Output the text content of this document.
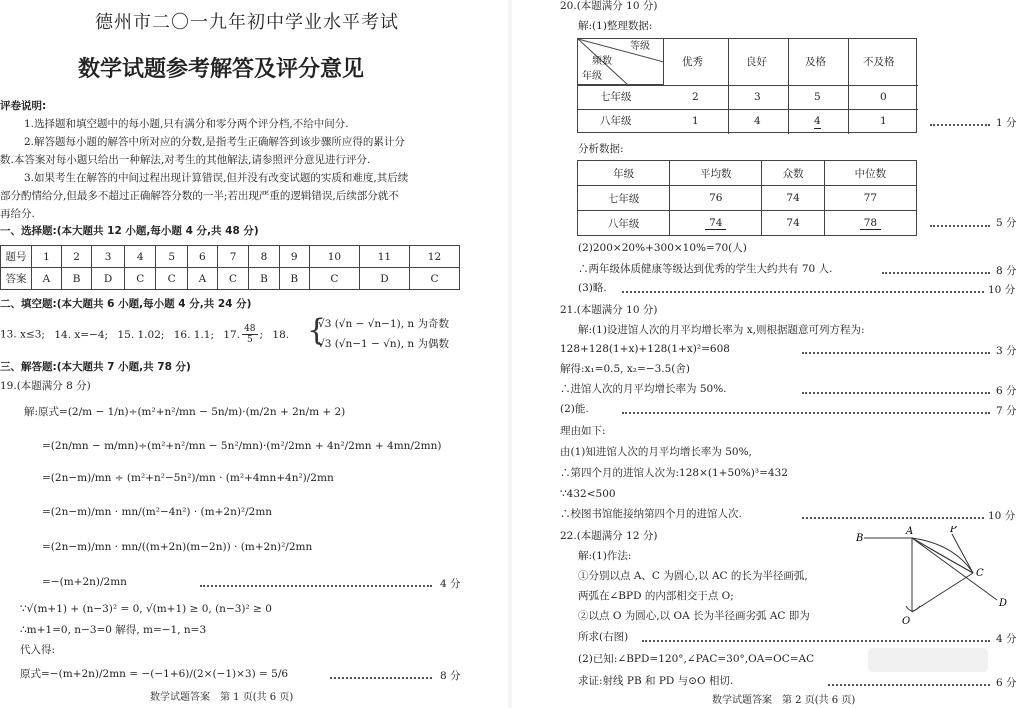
德州市二〇一九年初中学业水平考试
数学试题参考解答及评分意见
评卷说明:
1.选择题和填空题中的每小题,只有满分和零分两个评分档,不给中间分.
2.解答题每小题的解答中所对应的分数,是指考生正确解答到该步骤所应得的累计分
数.本答案对每小题只给出一种解法,对考生的其他解法,请参照评分意见进行评分.
3.如果考生在解答的中间过程出现计算错误,但并没有改变试题的实质和难度,其后续
部分酌情给分,但最多不超过正确解答分数的一半;若出现严重的逻辑错误,后续部分就不
再给分.
一、选择题:(本大题共 12 小题,每小题 4 分,共 48 分)
题号	1	2	3	4	5	6	7	8	9	10	11	12
答案	A	B	D	C	C	A	C	B	B	C	D	C
二、填空题:(本大题共 6 小题,每小题 4 分,共 24 分)
13. x≤3; 14. x=−4; 15. 1.02; 16. 1.1; 17. $\frac{48}{5}$ ; 18. {
√3 (√n − √n−1), n 为奇数
√3 (√n−1 − √n), n 为偶数
三、解答题:(本大题共 7 小题,共 78 分)
19.(本题满分 8 分)
解:原式=(2/m − 1/n)÷(m²+n²/mn − 5n/m)·(m/2n + 2n/m + 2)
=(2n/mn − m/mn)÷(m²+n²/mn − 5n²/mn)·(m²/2mn + 4n²/2mn + 4mn/2mn)
=(2n−m)/mn ÷ (m²+n²−5n²)/mn · (m²+4mn+4n²)/2mn
=(2n−m)/mn · mn/(m²−4n²) · (m+2n)²/2mn
=(2n−m)/mn · mn/((m+2n)(m−2n)) · (m+2n)²/2mn
=−(m+2n)/2mn	4 分
∵√(m+1) + (n−3)² = 0, √(m+1) ≥ 0, (n−3)² ≥ 0
∴m+1=0, n−3=0 解得, m=−1, n=3
代入得:
原式=−(m+2n)/2mn = −(−1+6)/(2×(−1)×3) = 5/6	8 分
数学试题答案　第 1 页(共 6 页)
20.(本题满分 10 分)
解:(1)整理数据:
等级
频数
年级
优秀	良好	及格	不及格
七年级	2	3	5	0
八年级	1	4	4	1	1 分
分析数据:
年级	平均数	众数	中位数
七年级	76	74	77
八年级	74	74	78	5 分
(2)200×20%+300×10%=70(人)
∴两年级体质健康等级达到优秀的学生大约共有 70 人.	8 分
(3)略.	10 分
21.(本题满分 10 分)
解:(1)设进馆人次的月平均增长率为 x,则根据题意可列方程为:
128+128(1+x)+128(1+x)²=608	3 分
解得:x₁=0.5, x₂=−3.5(舍)
∴进馆人次的月平均增长率为 50%.	6 分
(2)能.	7 分
理由如下:
由(1)知进馆人次的月平均增长率为 50%,
∴第四个月的进馆人次为:128×(1+50%)³=432
∵432<500
∴校图书馆能接纳第四个月的进馆人次.	10 分
22.(本题满分 12 分)
解:(1)作法:
①分别以点 A、C 为圆心,以 AC 的长为半径画弧,
两弧在∠BPD 的内部相交于点 O;
②以点 O 为圆心,以 OA 长为半径画劣弧 AC 即为
所求(右图)	4 分
(2)已知:∠BPD=120°,∠PAC=30°,OA=OC=AC
求证:射线 PB 和 PD 与⊙O 相切.	6 分
B
A	P
C
D
O
数学试题答案　第 2 页(共 6 页)
